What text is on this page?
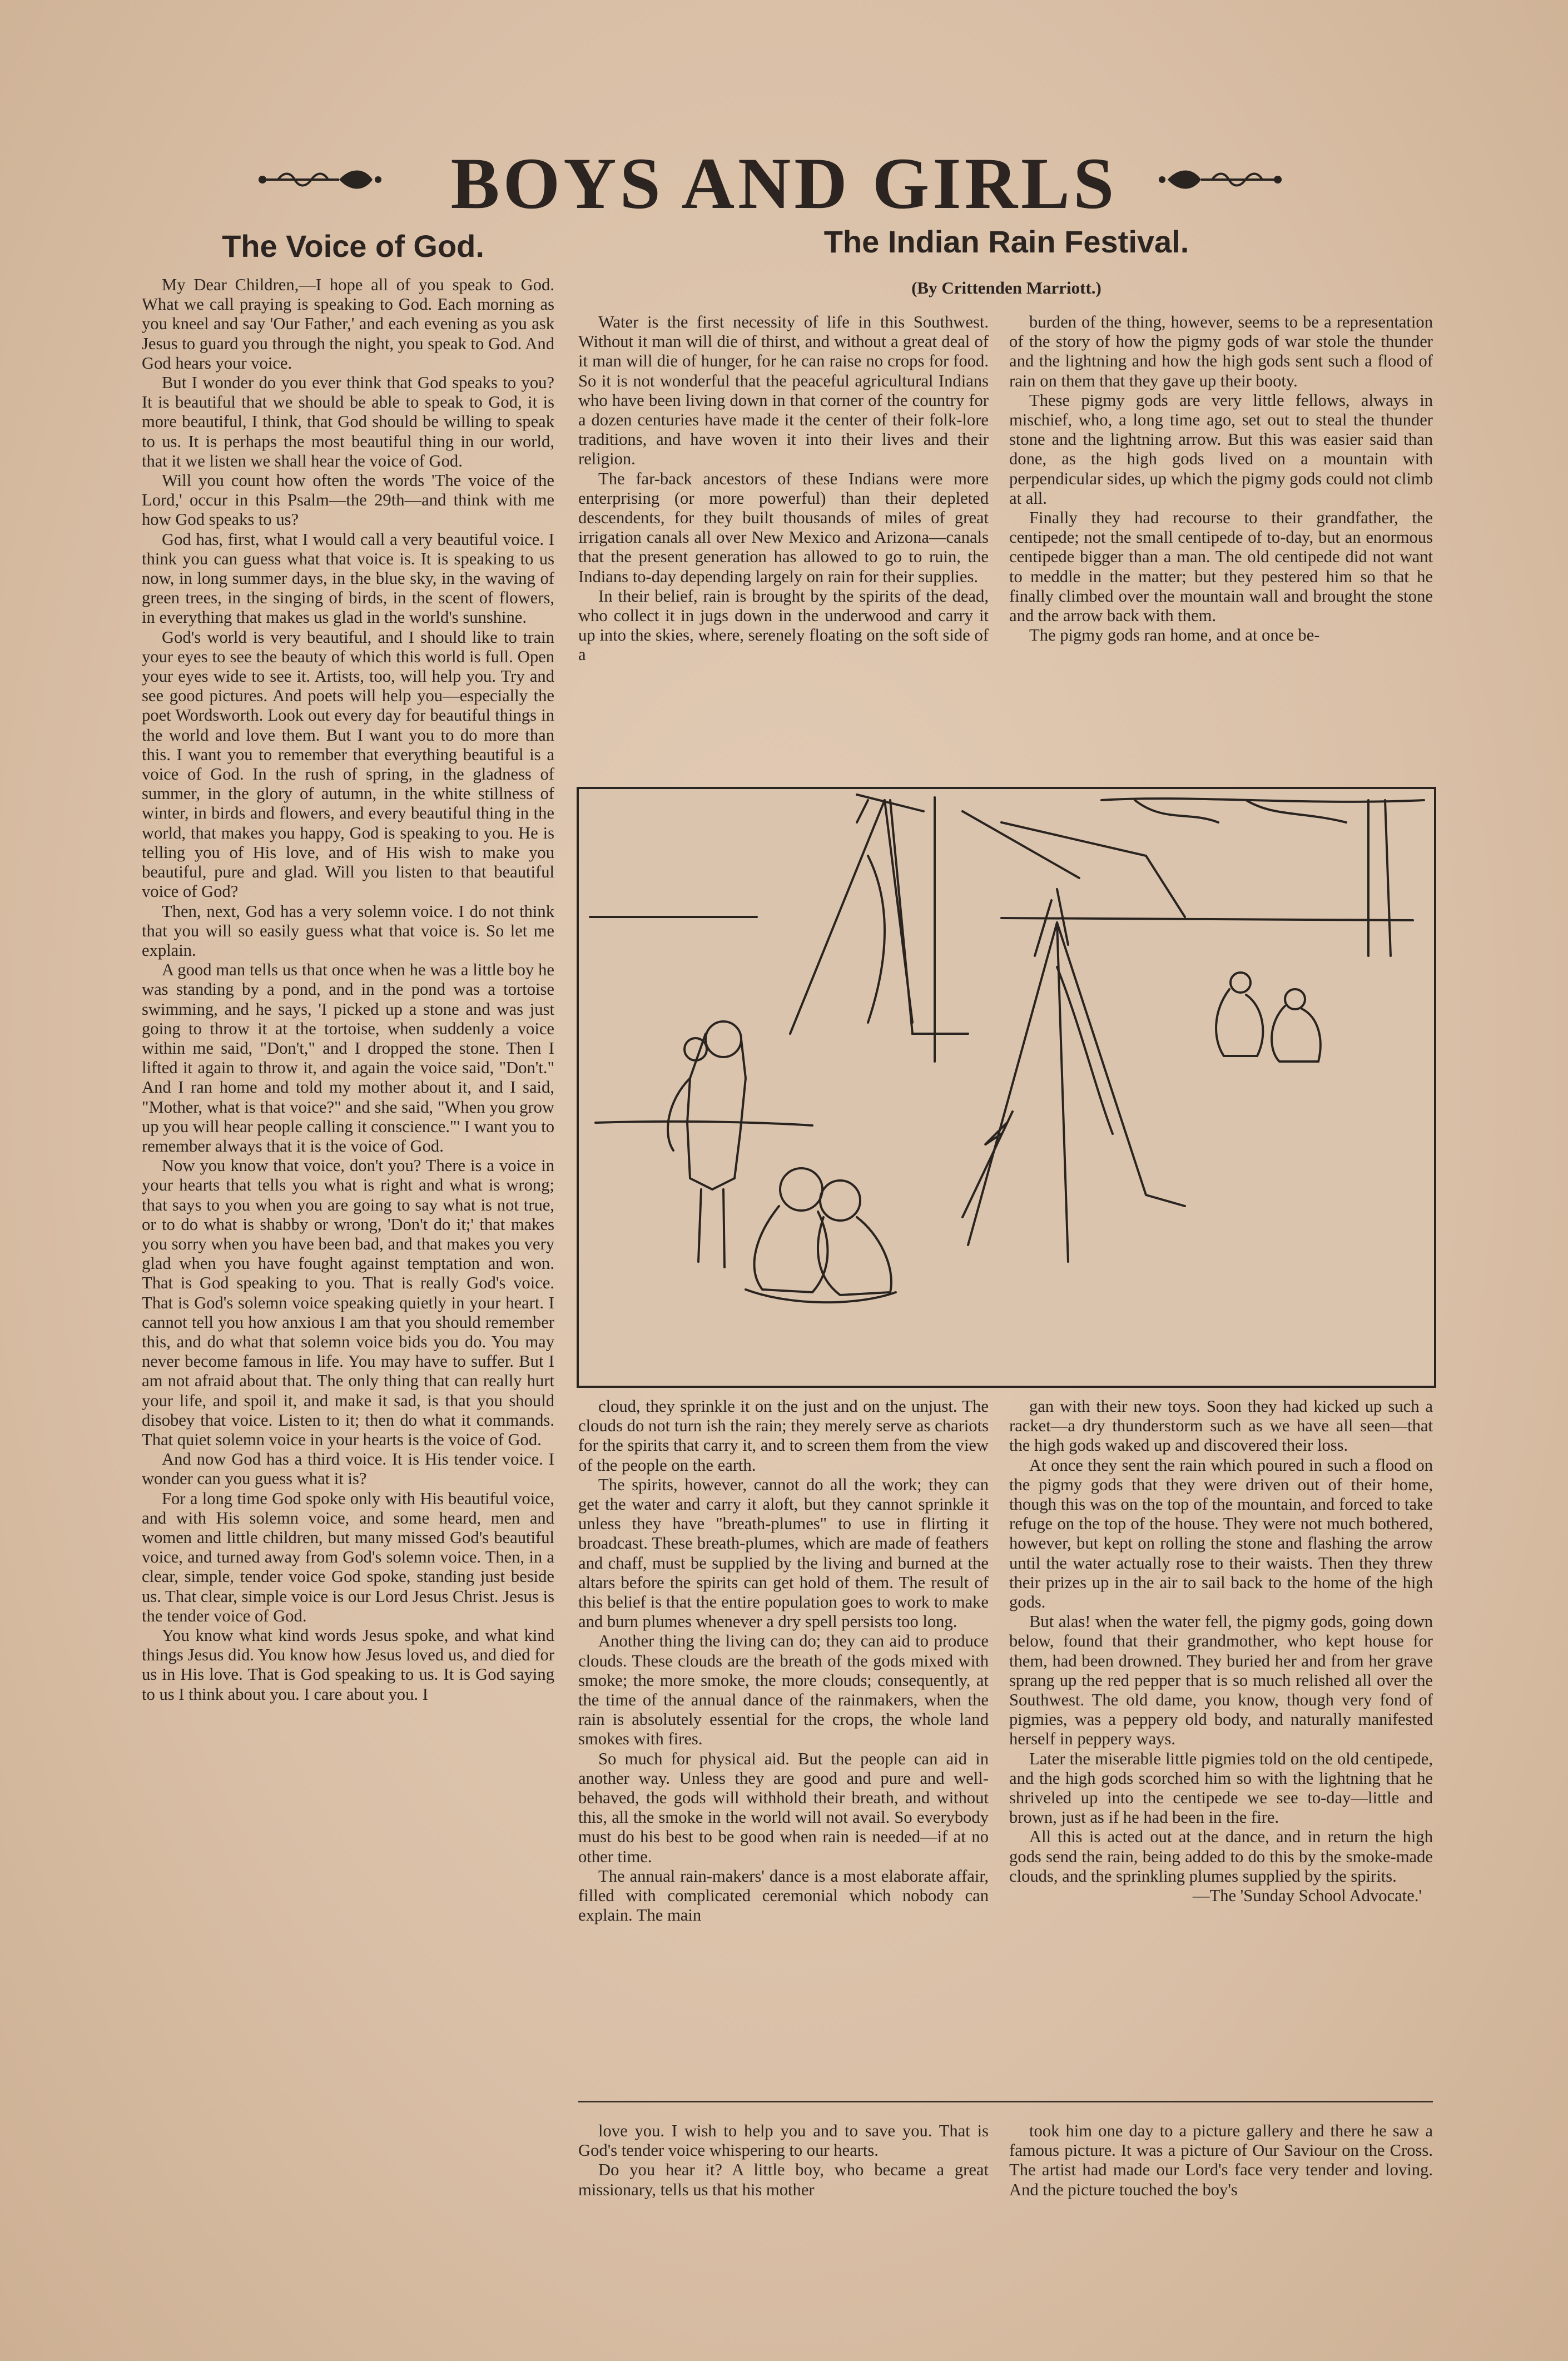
BOYS AND GIRLS
The Voice of God.	The Indian Rain Festival.
(By Crittenden Marriott.)

My Dear Children,—I hope all of you speak to God. What we call praying is speaking to God. Each morning as you kneel and say 'Our Father,' and each evening as you ask Jesus to guard you through the night, you speak to God. And God hears your voice.

But I wonder do you ever think that God speaks to you? It is beautiful that we should be able to speak to God, it is more beautiful, I think, that God should be willing to speak to us. It is perhaps the most beautiful thing in our world, that it we listen we shall hear the voice of God.

Will you count how often the words 'The voice of the Lord,' occur in this Psalm—the 29th—and think with me how God speaks to us?

God has, first, what I would call a very beautiful voice. I think you can guess what that voice is. It is speaking to us now, in long summer days, in the blue sky, in the waving of green trees, in the singing of birds, in the scent of flowers, in everything that makes us glad in the world's sunshine.

God's world is very beautiful, and I should like to train your eyes to see the beauty of which this world is full. Open your eyes wide to see it. Artists, too, will help you. Try and see good pictures. And poets will help you—especially the poet Wordsworth. Look out every day for beautiful things in the world and love them. But I want you to do more than this. I want you to remember that everything beautiful is a voice of God. In the rush of spring, in the gladness of summer, in the glory of autumn, in the white stillness of winter, in birds and flowers, and every beautiful thing in the world, that makes you happy, God is speaking to you. He is telling you of His love, and of His wish to make you beautiful, pure and glad. Will you listen to that beautiful voice of God?

Then, next, God has a very solemn voice. I do not think that you will so easily guess what that voice is. So let me explain.

A good man tells us that once when he was a little boy he was standing by a pond, and in the pond was a tortoise swimming, and he says, 'I picked up a stone and was just going to throw it at the tortoise, when suddenly a voice within me said, "Don't," and I dropped the stone. Then I lifted it again to throw it, and again the voice said, "Don't." And I ran home and told my mother about it, and I said, "Mother, what is that voice?" and she said, "When you grow up you will hear people calling it conscience."' I want you to remember always that it is the voice of God.

Now you know that voice, don't you? There is a voice in your hearts that tells you what is right and what is wrong; that says to you when you are going to say what is not true, or to do what is shabby or wrong, 'Don't do it;' that makes you sorry when you have been bad, and that makes you very glad when you have fought against temptation and won. That is God speaking to you. That is really God's voice. That is God's solemn voice speaking quietly in your heart. I cannot tell you how anxious I am that you should remember this, and do what that solemn voice bids you do. You may never become famous in life. You may have to suffer. But I am not afraid about that. The only thing that can really hurt your life, and spoil it, and make it sad, is that you should disobey that voice. Listen to it; then do what it commands. That quiet solemn voice in your hearts is the voice of God.

And now God has a third voice. It is His tender voice. I wonder can you guess what it is?

For a long time God spoke only with His beautiful voice, and with His solemn voice, and some heard, men and women and little children, but many missed God's beautiful voice, and turned away from God's solemn voice. Then, in a clear, simple, tender voice God spoke, standing just beside us. That clear, simple voice is our Lord Jesus Christ. Jesus is the tender voice of God.

You know what kind words Jesus spoke, and what kind things Jesus did. You know how Jesus loved us, and died for us in His love. That is God speaking to us. It is God saying to us I think about you. I care about you. I

Water is the first necessity of life in this Southwest. Without it man will die of thirst, and without a great deal of it man will die of hunger, for he can raise no crops for food. So it is not wonderful that the peaceful agricultural Indians who have been living down in that corner of the country for a dozen centuries have made it the center of their folk-lore traditions, and have woven it into their lives and their religion.

The far-back ancestors of these Indians were more enterprising (or more powerful) than their depleted descendents, for they built thousands of miles of great irrigation canals all over New Mexico and Arizona—canals that the present generation has allowed to go to ruin, the Indians to-day depending largely on rain for their supplies.

In their belief, rain is brought by the spirits of the dead, who collect it in jugs down in the underwood and carry it up into the skies, where, serenely floating on the soft side of a

burden of the thing, however, seems to be a representation of the story of how the pigmy gods of war stole the thunder and the lightning and how the high gods sent such a flood of rain on them that they gave up their booty.

These pigmy gods are very little fellows, always in mischief, who, a long time ago, set out to steal the thunder stone and the lightning arrow. But this was easier said than done, as the high gods lived on a mountain with perpendicular sides, up which the pigmy gods could not climb at all.

Finally they had recourse to their grandfather, the centipede; not the small centipede of to-day, but an enormous centipede bigger than a man. The old centipede did not want to meddle in the matter; but they pestered him so that he finally climbed over the mountain wall and brought the stone and the arrow back with them.

The pigmy gods ran home, and at once be-

cloud, they sprinkle it on the just and on the unjust. The clouds do not turn ish the rain; they merely serve as chariots for the spirits that carry it, and to screen them from the view of the people on the earth.

The spirits, however, cannot do all the work; they can get the water and carry it aloft, but they cannot sprinkle it unless they have "breath-plumes" to use in flirting it broadcast. These breath-plumes, which are made of feathers and chaff, must be supplied by the living and burned at the altars before the spirits can get hold of them. The result of this belief is that the entire population goes to work to make and burn plumes whenever a dry spell persists too long.

Another thing the living can do; they can aid to produce clouds. These clouds are the breath of the gods mixed with smoke; the more smoke, the more clouds; consequently, at the time of the annual dance of the rainmakers, when the rain is absolutely essential for the crops, the whole land smokes with fires.

So much for physical aid. But the people can aid in another way. Unless they are good and pure and well-behaved, the gods will withhold their breath, and without this, all the smoke in the world will not avail. So everybody must do his best to be good when rain is needed—if at no other time.

The annual rain-makers' dance is a most elaborate affair, filled with complicated ceremonial which nobody can explain. The main

gan with their new toys. Soon they had kicked up such a racket—a dry thunderstorm such as we have all seen—that the high gods waked up and discovered their loss.

At once they sent the rain which poured in such a flood on the pigmy gods that they were driven out of their home, though this was on the top of the mountain, and forced to take refuge on the top of the house. They were not much bothered, however, but kept on rolling the stone and flashing the arrow until the water actually rose to their waists. Then they threw their prizes up in the air to sail back to the home of the high gods.

But alas! when the water fell, the pigmy gods, going down below, found that their grandmother, who kept house for them, had been drowned. They buried her and from her grave sprang up the red pepper that is so much relished all over the Southwest. The old dame, you know, though very fond of pigmies, was a peppery old body, and naturally manifested herself in peppery ways.

Later the miserable little pigmies told on the old centipede, and the high gods scorched him so with the lightning that he shriveled up into the centipede we see to-day—little and brown, just as if he had been in the fire.

All this is acted out at the dance, and in return the high gods send the rain, being added to do this by the smoke-made clouds, and the sprinkling plumes supplied by the spirits.

—The 'Sunday School Advocate.'

love you. I wish to help you and to save you. That is God's tender voice whispering to our hearts.

Do you hear it? A little boy, who became a great missionary, tells us that his mother

took him one day to a picture gallery and there he saw a famous picture. It was a picture of Our Saviour on the Cross. The artist had made our Lord's face very tender and loving. And the picture touched the boy's
